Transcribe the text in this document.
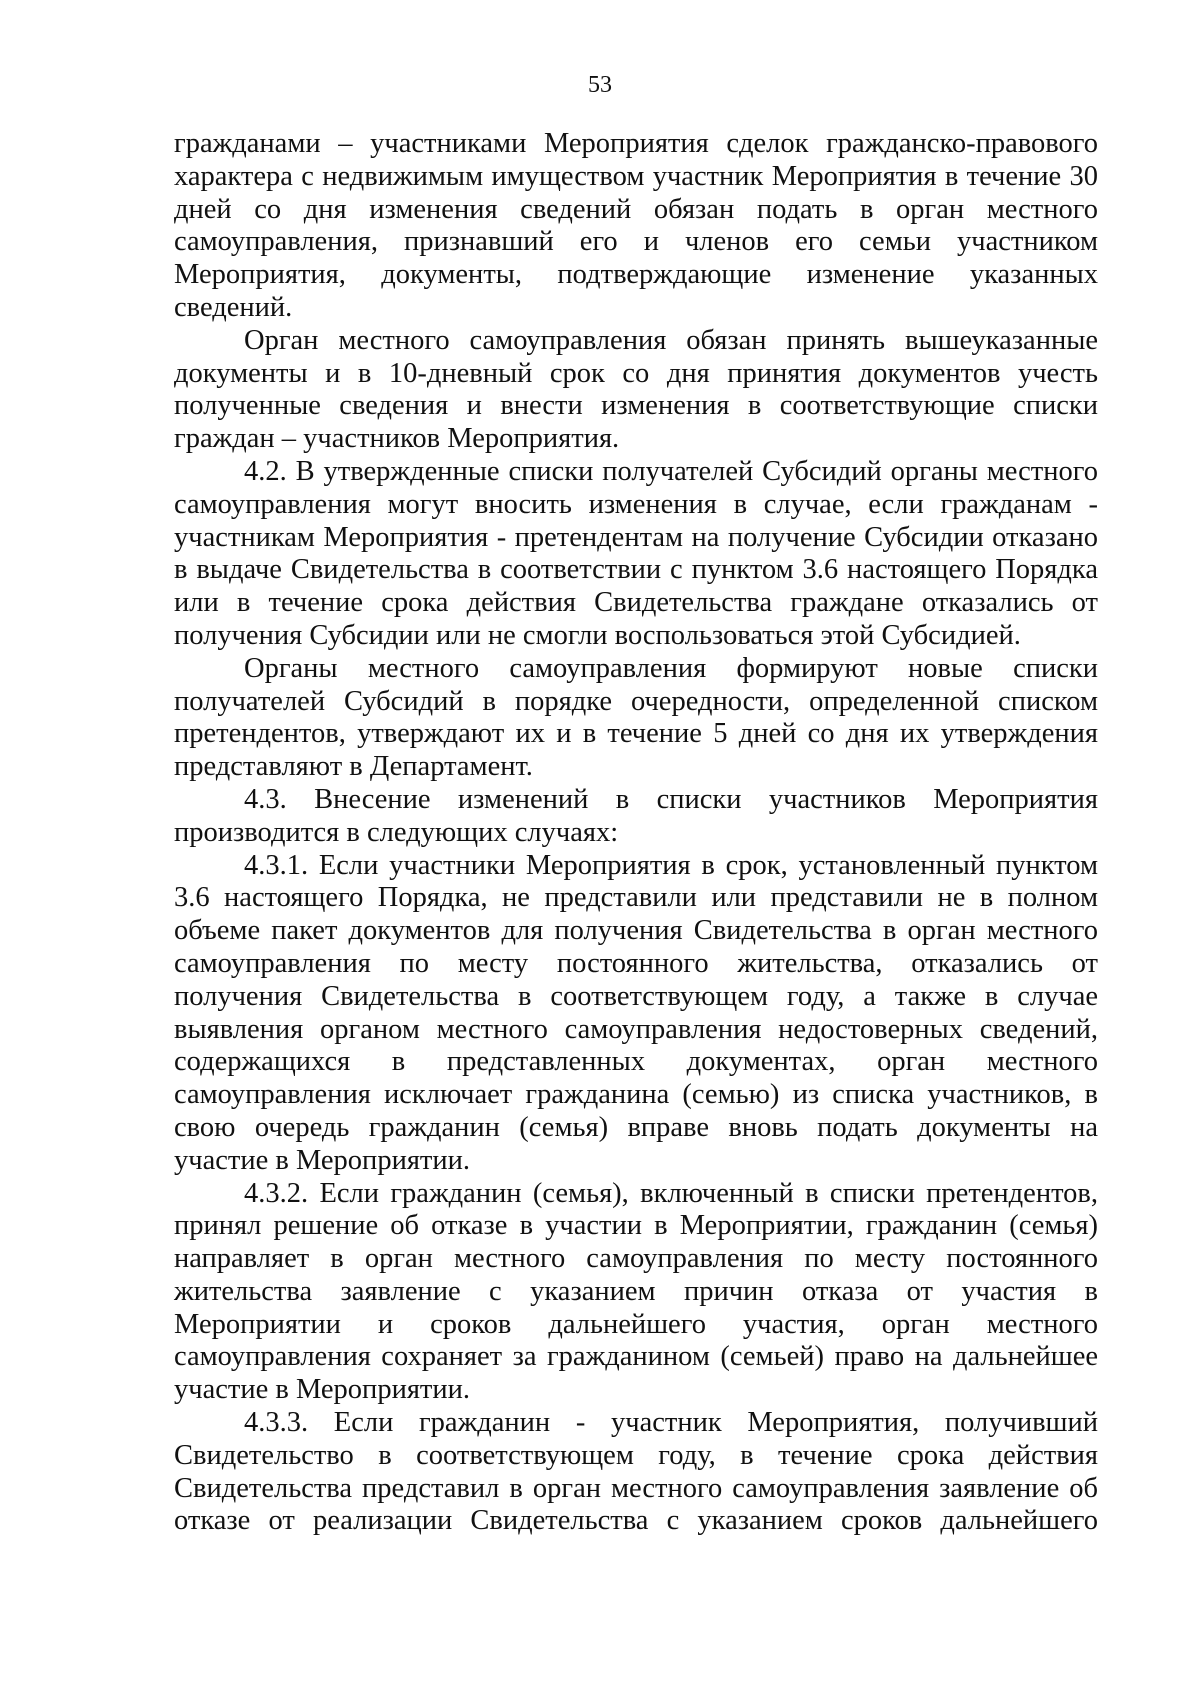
53

гражданами – участниками Мероприятия сделок гражданско-правового характера с недвижимым имуществом участник Мероприятия в течение 30 дней со дня изменения сведений обязан подать в орган местного самоуправления, признавший его и членов его семьи участником Мероприятия, документы, подтверждающие изменение указанных сведений.

Орган местного самоуправления обязан принять вышеуказанные документы и в 10-дневный срок со дня принятия документов учесть полученные сведения и внести изменения в соответствующие списки граждан – участников Мероприятия.

4.2. В утвержденные списки получателей Субсидий органы местного самоуправления могут вносить изменения в случае, если гражданам - участникам Мероприятия - претендентам на получение Субсидии отказано в выдаче Свидетельства в соответствии с пунктом 3.6 настоящего Порядка или в течение срока действия Свидетельства граждане отказались от получения Субсидии или не смогли воспользоваться этой Субсидией.

Органы местного самоуправления формируют новые списки получателей Субсидий в порядке очередности, определенной списком претендентов, утверждают их и в течение 5 дней со дня их утверждения представляют в Департамент.

4.3. Внесение изменений в списки участников Мероприятия производится в следующих случаях:

4.3.1. Если участники Мероприятия в срок, установленный пунктом 3.6 настоящего Порядка, не представили или представили не в полном объеме пакет документов для получения Свидетельства в орган местного самоуправления по месту постоянного жительства, отказались от получения Свидетельства в соответствующем году, а также в случае выявления органом местного самоуправления недостоверных сведений, содержащихся в представленных документах, орган местного самоуправления исключает гражданина (семью) из списка участников, в свою очередь гражданин (семья) вправе вновь подать документы на участие в Мероприятии.

4.3.2. Если гражданин (семья), включенный в списки претендентов, принял решение об отказе в участии в Мероприятии, гражданин (семья) направляет в орган местного самоуправления по месту постоянного жительства заявление с указанием причин отказа от участия в Мероприятии и сроков дальнейшего участия, орган местного самоуправления сохраняет за гражданином (семьей) право на дальнейшее участие в Мероприятии.

4.3.3. Если гражданин - участник Мероприятия, получивший Свидетельство в соответствующем году, в течение срока действия Свидетельства представил в орган местного самоуправления заявление об отказе от реализации Свидетельства с указанием сроков дальнейшего
